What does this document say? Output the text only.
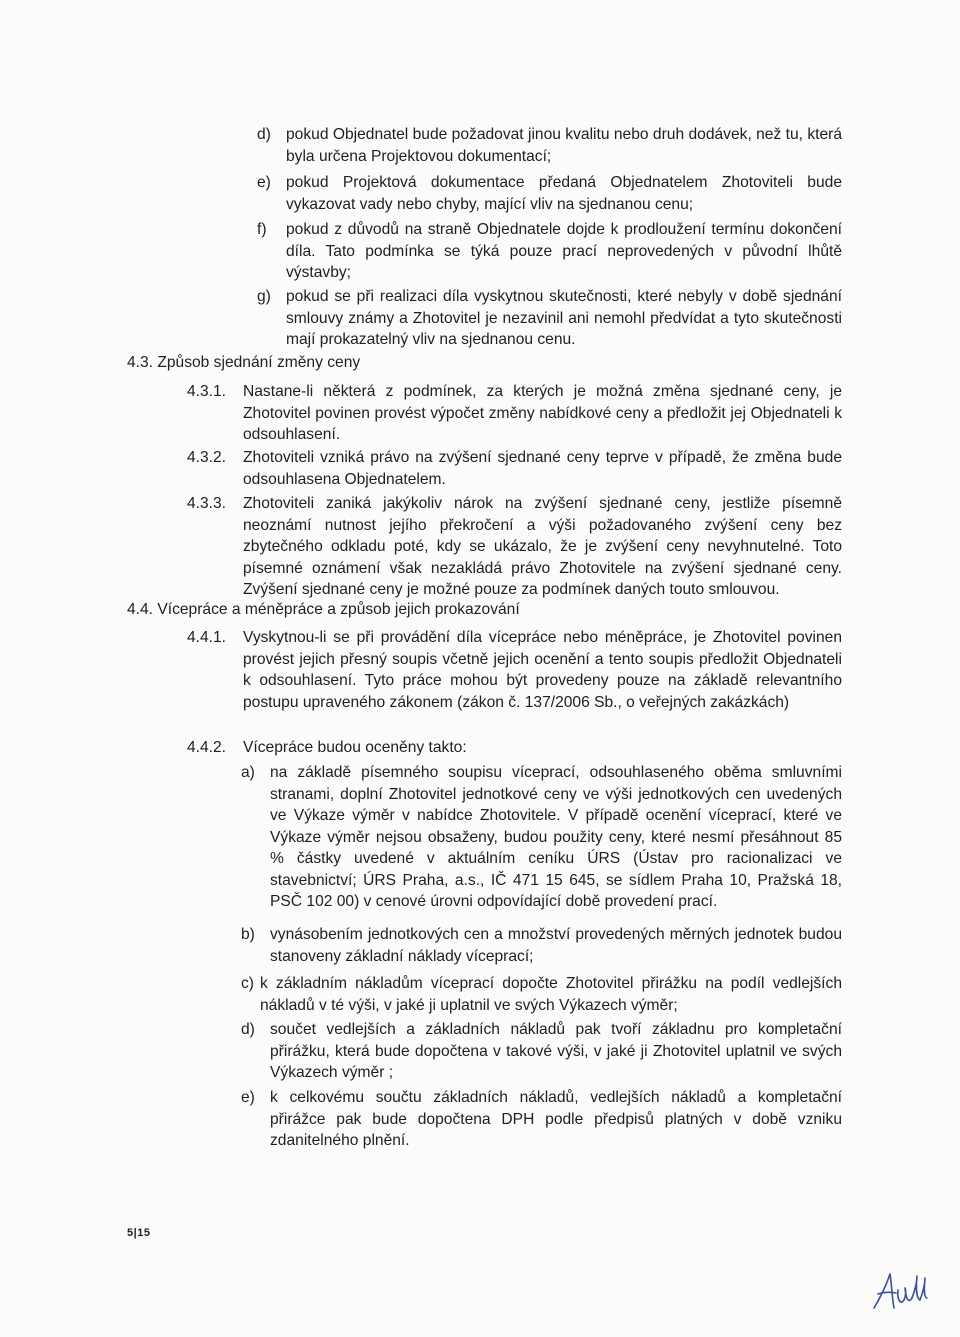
d) pokud Objednatel bude požadovat jinou kvalitu nebo druh dodávek, než tu, která byla určena Projektovou dokumentací;
e) pokud Projektová dokumentace předaná Objednatelem Zhotoviteli bude vykazovat vady nebo chyby, mající vliv na sjednanou cenu;
f) pokud z důvodů na straně Objednatele dojde k prodloužení termínu dokončení díla. Tato podmínka se týká pouze prací neprovedených v původní lhůtě výstavby;
g) pokud se při realizaci díla vyskytnou skutečnosti, které nebyly v době sjednání smlouvy známy a Zhotovitel je nezavinil ani nemohl předvídat a tyto skutečnosti mají prokazatelný vliv na sjednanou cenu.
4.3. Způsob sjednání změny ceny
4.3.1. Nastane-li některá z podmínek, za kterých je možná změna sjednané ceny, je Zhotovitel povinen provést výpočet změny nabídkové ceny a předložit jej Objednateli k odsouhlasení.
4.3.2. Zhotoviteli vzniká právo na zvýšení sjednané ceny teprve v případě, že změna bude odsouhlasena Objednatelem.
4.3.3. Zhotoviteli zaniká jakýkoliv nárok na zvýšení sjednané ceny, jestliže písemně neoznámí nutnost jejího překročení a výši požadovaného zvýšení ceny bez zbytečného odkladu poté, kdy se ukázalo, že je zvýšení ceny nevyhnutelné. Toto písemné oznámení však nezakládá právo Zhotovitele na zvýšení sjednané ceny. Zvýšení sjednané ceny je možné pouze za podmínek daných touto smlouvou.
4.4. Vícepráce a méněpráce a způsob jejich prokazování
4.4.1. Vyskytnou-li se při provádění díla vícepráce nebo méněpráce, je Zhotovitel povinen provést jejich přesný soupis včetně jejich ocenění a tento soupis předložit Objednateli k odsouhlasení. Tyto práce mohou být provedeny pouze na základě relevantního postupu upraveného zákonem (zákon č. 137/2006 Sb., o veřejných zakázkách)
4.4.2. Vícepráce budou oceněny takto:
a) na základě písemného soupisu víceprací, odsouhlaseného oběma smluvními stranami, doplní Zhotovitel jednotkové ceny ve výši jednotkových cen uvedených ve Výkaze výměr v nabídce Zhotovitele. V případě ocenění víceprací, které ve Výkaze výměr nejsou obsaženy, budou použity ceny, které nesmí přesáhnout 85 % částky uvedené v aktuálním ceníku ÚRS (Ústav pro racionalizaci ve stavebnictví; ÚRS Praha, a.s., IČ 471 15 645, se sídlem Praha 10, Pražská 18, PSČ 102 00) v cenové úrovni odpovídající době provedení prací.
b) vynásobením jednotkových cen a množství provedených měrných jednotek budou stanoveny základní náklady víceprací;
c) k základním nákladům víceprací dopočte Zhotovitel přirážku na podíl vedlejších nákladů v té výši, v jaké ji uplatnil ve svých Výkazech výměr;
d) součet vedlejších a základních nákladů pak tvoří základnu pro kompletační přirážku, která bude dopočtena v takové výši, v jaké ji Zhotovitel uplatnil ve svých Výkazech výměr ;
e) k celkovému součtu základních nákladů, vedlejších nákladů a kompletační přirážce pak bude dopočtena DPH podle předpisů platných v době vzniku zdanitelného plnění.
5|15
